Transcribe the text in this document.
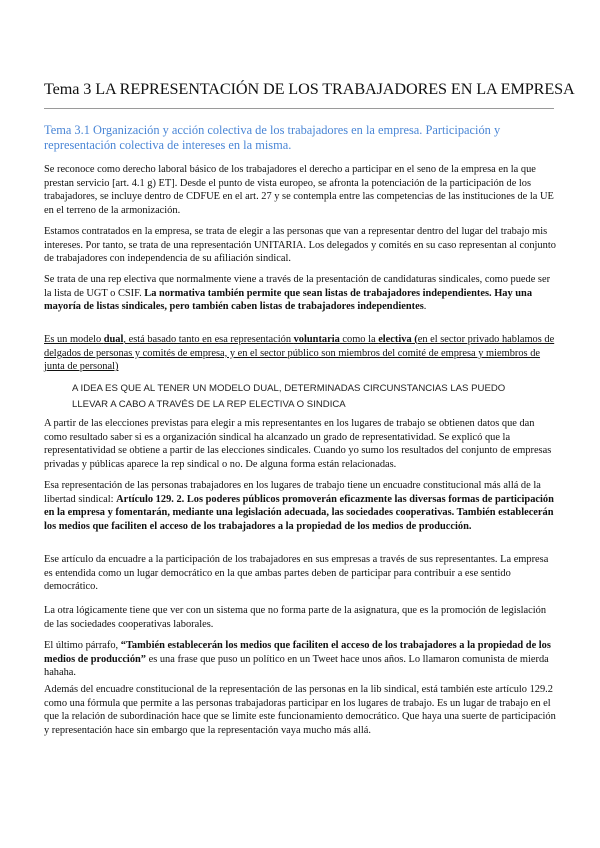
Tema 3 LA REPRESENTACIÓN DE LOS TRABAJADORES EN LA EMPRESA
Tema 3.1 Organización y acción colectiva de los trabajadores en la empresa. Participación y representación colectiva de intereses en la misma.

Se reconoce como derecho laboral básico de los trabajadores el derecho a participar en el seno de la empresa en la que prestan servicio [art. 4.1 g) ET]. Desde el punto de vista europeo, se afronta la potenciación de la participación de los trabajadores, se incluye dentro de CDFUE en el art. 27 y se contempla entre las competencias de las instituciones de la UE en el terreno de la armonización.

Estamos contratados en la empresa, se trata de elegir a las personas que van a representar dentro del lugar del trabajo mis intereses. Por tanto, se trata de una representación UNITARIA. Los delegados y comités en su caso representan al conjunto de trabajadores con independencia de su afiliación sindical.

Se trata de una rep electiva que normalmente viene a través de la presentación de candidaturas sindicales, como puede ser la lista de UGT o CSIF. La normativa también permite que sean listas de trabajadores independientes. Hay una mayoría de listas sindicales, pero también caben listas de trabajadores independientes.

Es un modelo dual, está basado tanto en esa representación voluntaria como la electiva (en el sector privado hablamos de delgados de personas y comités de empresa, y en el sector público son miembros del comité de empresa y miembros de junta de personal)

A IDEA ES QUE AL TENER UN MODELO DUAL, DETERMINADAS CIRCUNSTANCIAS LAS PUEDO LLEVAR A CABO A TRAVÉS DE LA REP ELECTIVA O SINDICA

A partir de las elecciones previstas para elegir a mis representantes en los lugares de trabajo se obtienen datos que dan como resultado saber si es a organización sindical ha alcanzado un grado de representatividad. Se explicó que la representatividad se obtiene a partir de las elecciones sindicales. Cuando yo sumo los resultados del conjunto de empresas privadas y públicas aparece la rep sindical o no. De alguna forma están relacionadas.

Esa representación de las personas trabajadores en los lugares de trabajo tiene un encuadre constitucional más allá de la libertad sindical: Artículo 129. 2. Los poderes públicos promoverán eficazmente las diversas formas de participación en la empresa y fomentarán, mediante una legislación adecuada, las sociedades cooperativas. También establecerán los medios que faciliten el acceso de los trabajadores a la propiedad de los medios de producción.

Ese artículo da encuadre a la participación de los trabajadores en sus empresas a través de sus representantes. La empresa es entendida como un lugar democrático en la que ambas partes deben de participar para contribuir a ese sentido democrático.

La otra lógicamente tiene que ver con un sistema que no forma parte de la asignatura, que es la promoción de legislación de las sociedades cooperativas laborales.

El último párrafo, “También establecerán los medios que faciliten el acceso de los trabajadores a la propiedad de los medios de producción” es una frase que puso un político en un Tweet hace unos años. Lo llamaron comunista de mierda hahaha.

Además del encuadre constitucional de la representación de las personas en la lib sindical, está también este artículo 129.2 como una fórmula que permite a las personas trabajadoras participar en los lugares de trabajo. Es un lugar de trabajo en el que la relación de subordinación hace que se limite este funcionamiento democrático. Que haya una suerte de participación y representación hace sin embargo que la representación vaya mucho más allá.
